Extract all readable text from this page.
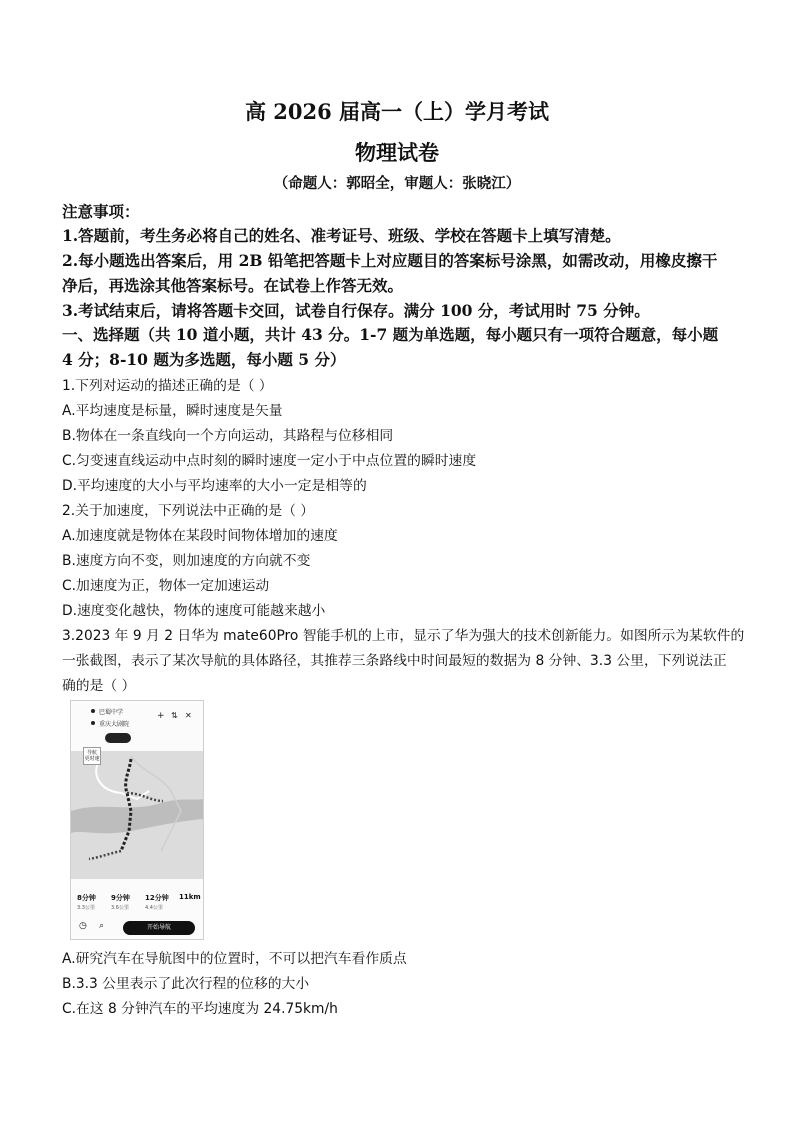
高 2026 届高一（上）学月考试
物理试卷
（命题人：郭昭全，审题人：张晓江）
注意事项：
1.答题前，考生务必将自己的姓名、准考证号、班级、学校在答题卡上填写清楚。
2.每小题选出答案后，用 2B 铅笔把答题卡上对应题目的答案标号涂黑，如需改动，用橡皮擦干
净后，再选涂其他答案标号。在试卷上作答无效。
3.考试结束后，请将答题卡交回，试卷自行保存。满分 100 分，考试用时 75 分钟。
一、选择题（共 10 道小题，共计 43 分。1-7 题为单选题，每小题只有一项符合题意，每小题
4 分；8-10 题为多选题，每小题 5 分）
1.下列对运动的描述正确的是（ ）
A.平均速度是标量，瞬时速度是矢量
B.物体在一条直线向一个方向运动，其路程与位移相同
C.匀变速直线运动中点时刻的瞬时速度一定小于中点位置的瞬时速度
D.平均速度的大小与平均速率的大小一定是相等的
2.关于加速度，下列说法中正确的是（ ）
A.加速度就是物体在某段时间物体增加的速度
B.速度方向不变，则加速度的方向就不变
C.加速度为正，物体一定加速运动
D.速度变化越快，物体的速度可能越来越小
3.2023 年 9 月 2 日华为 mate60Pro 智能手机的上市，显示了华为强大的技术创新能力。如图所示为某软件的
一张截图，表示了某次导航的具体路径，其推荐三条路线中时间最短的数据为 8 分钟、3.3 公里，下列说法正
确的是（ ）
巴蜀中学
重庆大剧院
+ ⇅ ✕
导航 更时速
8分钟
3.3公里
9分钟
3.6公里
12分钟
4.4公里
11km
◷ ⌕	开始导航
A.研究汽车在导航图中的位置时，不可以把汽车看作质点
B.3.3 公里表示了此次行程的位移的大小
C.在这 8 分钟汽车的平均速度为 24.75km/h
